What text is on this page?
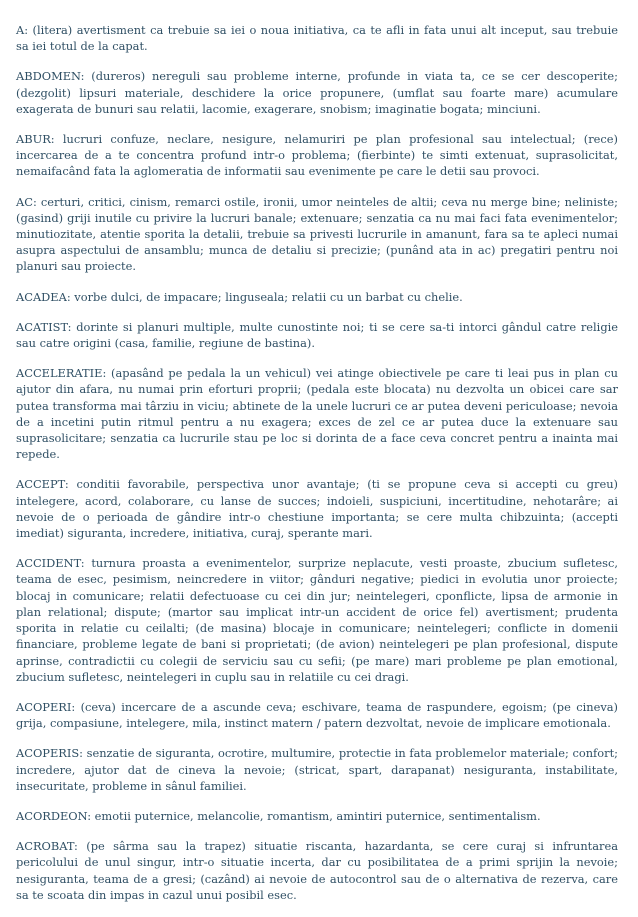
A: (litera) avertisment ca trebuie sa iei o noua initiativa, ca te afli in fata unui alt inceput, sau trebuie sa iei totul de la capat.

ABDOMEN: (dureros) nereguli sau probleme interne, profunde in viata ta, ce se cer descoperite; (dezgolit) lipsuri materiale, deschidere la orice propunere, (umflat sau foarte mare) acumulare exagerata de bunuri sau relatii, lacomie, exagerare, snobism; imaginatie bogata; minciuni.

ABUR: lucruri confuze, neclare, nesigure, nelamuriri pe plan profesional sau intelectual; (rece) incercarea de a te concentra profund intr-o problema; (fierbinte) te simti extenuat, suprasolicitat, nemaifacând fata la aglomeratia de informatii sau evenimente pe care le detii sau provoci.

AC: certuri, critici, cinism, remarci ostile, ironii, umor neinteles de altii; ceva nu merge bine; neliniste; (gasind) griji inutile cu privire la lucruri banale; extenuare; senzatia ca nu mai faci fata evenimentelor; minutiozitate, atentie sporita la detalii, trebuie sa privesti lucrurile in amanunt, fara sa te apleci numai asupra aspectului de ansamblu; munca de detaliu si precizie; (punând ata in ac) pregatiri pentru noi planuri sau proiecte.

ACADEA: vorbe dulci, de impacare; linguseala; relatii cu un barbat cu chelie.

ACATIST: dorinte si planuri multiple, multe cunostinte noi; ti se cere sa-ti intorci gândul catre religie sau catre origini (casa, familie, regiune de bastina).

ACCELERATIE: (apasând pe pedala la un vehicul) vei atinge obiectivele pe care ti leai pus in plan cu ajutor din afara, nu numai prin eforturi proprii; (pedala este blocata) nu dezvolta un obicei care sar putea transforma mai târziu in viciu; abtinete de la unele lucruri ce ar putea deveni periculoase; nevoia de a incetini putin ritmul pentru a nu exagera; exces de zel ce ar putea duce la extenuare sau suprasolicitare; senzatia ca lucrurile stau pe loc si dorinta de a face ceva concret pentru a inainta mai repede.

ACCEPT: conditii favorabile, perspectiva unor avantaje; (ti se propune ceva si accepti cu greu) intelegere, acord, colaborare, cu lanse de succes; indoieli, suspiciuni, incertitudine, nehotarâre; ai nevoie de o perioada de gândire intr-o chestiune importanta; se cere multa chibzuinta; (accepti imediat) siguranta, incredere, initiativa, curaj, sperante mari.

ACCIDENT: turnura proasta a evenimentelor, surprize neplacute, vesti proaste, zbucium sufletesc, teama de esec, pesimism, neincredere in viitor; gânduri negative; piedici in evolutia unor proiecte; blocaj in comunicare; relatii defectuoase cu cei din jur; neintelegeri, cponflicte, lipsa de armonie in plan relational; dispute; (martor sau implicat intr-un accident de orice fel) avertisment; prudenta sporita in relatie cu ceilalti; (de masina) blocaje in comunicare; neintelegeri; conflicte in domenii financiare, probleme legate de bani si proprietati; (de avion) neintelegeri pe plan profesional, dispute aprinse, contradictii cu colegii de serviciu sau cu sefii; (pe mare) mari probleme pe plan emotional, zbucium sufletesc, neintelegeri in cuplu sau in relatiile cu cei dragi.

ACOPERI: (ceva) incercare de a ascunde ceva; eschivare, teama de raspundere, egoism; (pe cineva) grija, compasiune, intelegere, mila, instinct matern / patern dezvoltat, nevoie de implicare emotionala.

ACOPERIS: senzatie de siguranta, ocrotire, multumire, protectie in fata problemelor materiale; confort; incredere, ajutor dat de cineva la nevoie; (stricat, spart, darapanat) nesiguranta, instabilitate, insecuritate, probleme in sânul familiei.

ACORDEON: emotii puternice, melancolie, romantism, amintiri puternice, sentimentalism.

ACROBAT: (pe sârma sau la trapez) situatie riscanta, hazardanta, se cere curaj si infruntarea pericolului de unul singur, intr-o situatie incerta, dar cu posibilitatea de a primi sprijin la nevoie; nesiguranta, teama de a gresi; (cazând) ai nevoie de autocontrol sau de o alternativa de rezerva, care sa te scoata din impas in cazul unui posibil esec.
